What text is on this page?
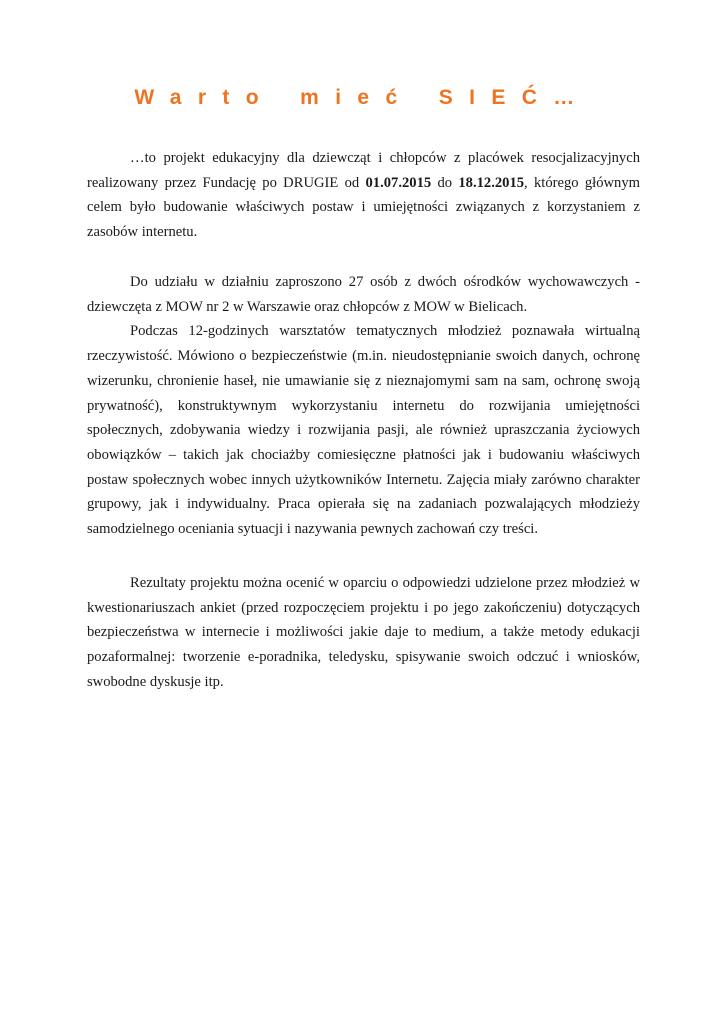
Warto mieć SIEĆ…

…to projekt edukacyjny dla dziewcząt i chłopców z placówek resocjalizacyjnych realizowany przez Fundację po DRUGIE od 01.07.2015 do 18.12.2015, którego głównym celem było budowanie właściwych postaw i umiejętności związanych z korzystaniem z zasobów internetu.

Do udziału w działniu zaproszono 27 osób z dwóch ośrodków wychowawczych - dziewczęta z MOW nr 2 w Warszawie oraz chłopców z MOW w Bielicach.

Podczas 12-godzinych warsztatów tematycznych młodzież poznawała wirtualną rzeczywistość. Mówiono o bezpieczeństwie (m.in. nieudostępnianie swoich danych, ochronę wizerunku, chronienie haseł, nie umawianie się z nieznajomymi sam na sam, ochronę swoją prywatność), konstruktywnym wykorzystaniu internetu do rozwijania umiejętności społecznych, zdobywania wiedzy i rozwijania pasji, ale również upraszczania życiowych obowiązków – takich jak chociażby comiesięczne płatności jak i budowaniu właściwych postaw społecznych wobec innych użytkowników Internetu. Zajęcia miały zarówno charakter grupowy, jak i indywidualny. Praca opierała się na zadaniach pozwalających młodzieży samodzielnego oceniania sytuacji i nazywania pewnych zachowań czy treści.

Rezultaty projektu można ocenić w oparciu o odpowiedzi udzielone przez młodzież w kwestionariuszach ankiet (przed rozpoczęciem projektu i po jego zakończeniu) dotyczących bezpieczeństwa w internecie i możliwości jakie daje to medium, a także metody edukacji pozaformalnej: tworzenie e-poradnika, teledysku, spisywanie swoich odczuć i wniosków, swobodne dyskusje itp.
